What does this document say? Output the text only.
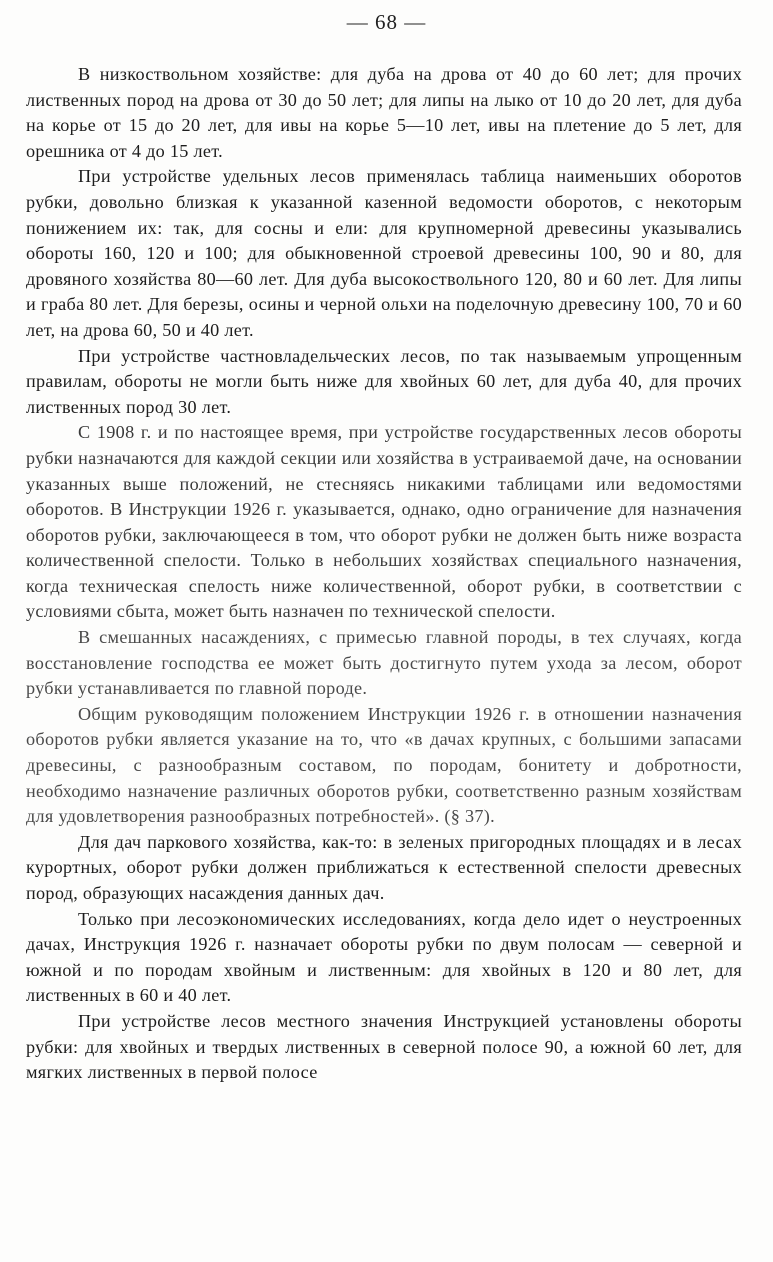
— 68 —

В низкоствольном хозяйстве: для дуба на дрова от 40 до 60 лет; для прочих лиственных пород на дрова от 30 до 50 лет; для липы на лыко от 10 до 20 лет, для дуба на корье от 15 до 20 лет, для ивы на корье 5—10 лет, ивы на плетение до 5 лет, для орешника от 4 до 15 лет.

При устройстве удельных лесов применялась таблица наименьших оборотов рубки, довольно близкая к указанной казенной ведомости оборотов, с некоторым понижением их: так, для сосны и ели: для крупномерной древесины указывались обороты 160, 120 и 100; для обыкновенной строевой древесины 100, 90 и 80, для дровяного хозяйства 80—60 лет. Для дуба высокоствольного 120, 80 и 60 лет. Для липы и граба 80 лет. Для березы, осины и черной ольхи на поделочную древесину 100, 70 и 60 лет, на дрова 60, 50 и 40 лет.

При устройстве частновладельческих лесов, по так называемым упрощенным правилам, обороты не могли быть ниже для хвойных 60 лет, для дуба 40, для прочих лиственных пород 30 лет.

С 1908 г. и по настоящее время, при устройстве государственных лесов обороты рубки назначаются для каждой секции или хозяйства в устраиваемой даче, на основании указанных выше положений, не стесняясь никакими таблицами или ведомостями оборотов. В Инструкции 1926 г. указывается, однако, одно ограничение для назначения оборотов рубки, заключающееся в том, что оборот рубки не должен быть ниже возраста количественной спелости. Только в небольших хозяйствах специального назначения, когда техническая спелость ниже количественной, оборот рубки, в соответствии с условиями сбыта, может быть назначен по технической спелости.

В смешанных насаждениях, с примесью главной породы, в тех случаях, когда восстановление господства ее может быть достигнуто путем ухода за лесом, оборот рубки устанавливается по главной породе.

Общим руководящим положением Инструкции 1926 г. в отношении назначения оборотов рубки является указание на то, что «в дачах крупных, с большими запасами древесины, с разнообразным составом, по породам, бонитету и добротности, необходимо назначение различных оборотов рубки, соответственно разным хозяйствам для удовлетворения разнообразных потребностей». (§ 37).

Для дач паркового хозяйства, как-то: в зеленых пригородных площадях и в лесах курортных, оборот рубки должен приближаться к естественной спелости древесных пород, образующих насаждения данных дач.

Только при лесоэкономических исследованиях, когда дело идет о неустроенных дачах, Инструкция 1926 г. назначает обороты рубки по двум полосам — северной и южной и по породам хвойным и лиственным: для хвойных в 120 и 80 лет, для лиственных в 60 и 40 лет.

При устройстве лесов местного значения Инструкцией установлены обороты рубки: для хвойных и твердых лиственных в северной полосе 90, а южной 60 лет, для мягких лиственных в первой полосе
